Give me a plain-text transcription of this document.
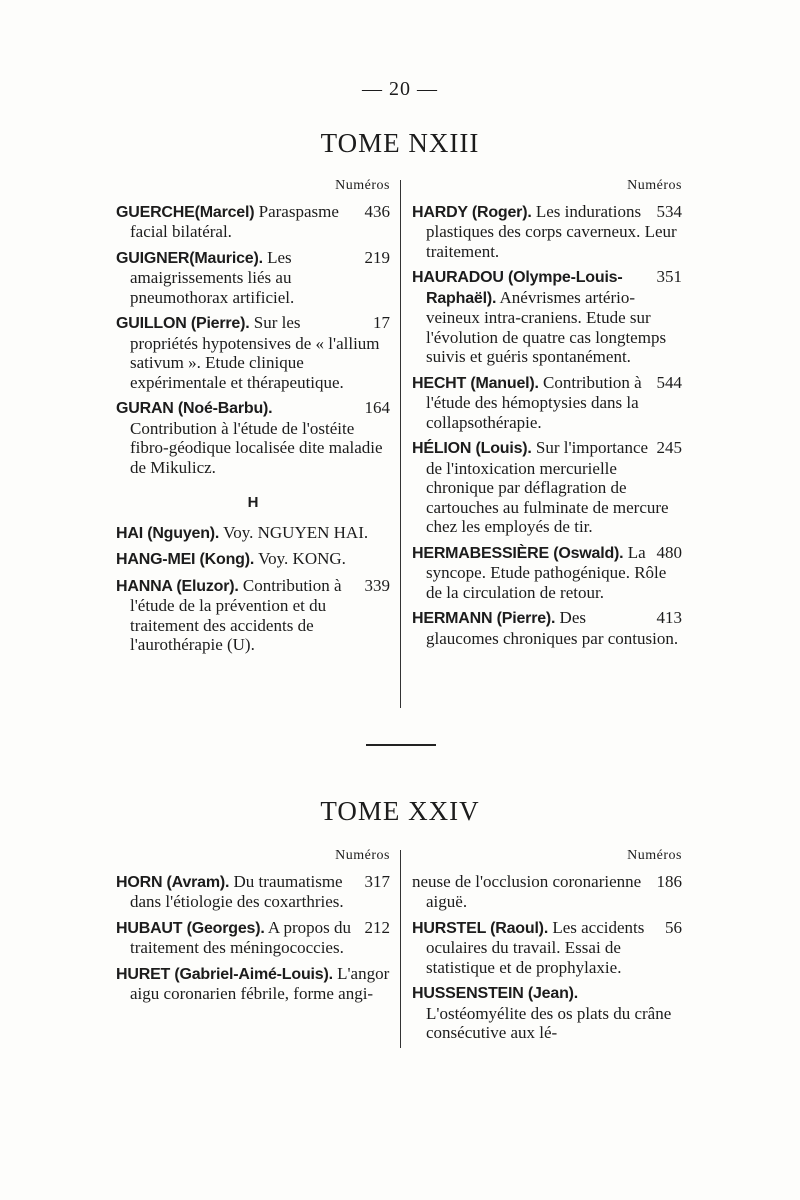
— 20 —
TOME NXIII
Numéros
436
GUERCHE(Marcel) Paraspasme facial bilatéral.
219
GUIGNER(Maurice). Les amaigrissements liés au pneumothorax artificiel.
17
GUILLON (Pierre). Sur les propriétés hypotensives de « l'allium sativum ». Etude clinique expérimentale et thérapeutique.
164
GURAN (Noé-Barbu). Contribution à l'étude de l'ostéite fibro-géodique localisée dite maladie de Mikulicz.
H
HAI (Nguyen). Voy. NGUYEN HAI.
HANG-MEI (Kong). Voy. KONG.
339
HANNA (Eluzor). Contribution à l'étude de la prévention et du traitement des accidents de l'aurothérapie (U).
Numéros
534
HARDY (Roger). Les indurations plastiques des corps caverneux. Leur traitement.
351
HAURADOU (Olympe-Louis-Raphaël). Anévrismes artério-veineux intra-craniens. Etude sur l'évolution de quatre cas longtemps suivis et guéris spontanément.
544
HECHT (Manuel). Contribution à l'étude des hémoptysies dans la collapsothérapie.
245
HÉLION (Louis). Sur l'importance de l'intoxication mercurielle chronique par déflagration de cartouches au fulminate de mercure chez les employés de tir.
480
HERMABESSIÈRE (Oswald). La syncope. Etude pathogénique. Rôle de la circulation de retour.
413
HERMANN (Pierre). Des glaucomes chroniques par contusion.
TOME XXIV
Numéros
317
HORN (Avram). Du traumatisme dans l'étiologie des coxarthries.
212
HUBAUT (Georges). A propos du traitement des méningococcies.
HURET (Gabriel-Aimé-Louis). L'angor aigu coronarien fébrile, forme angi-
Numéros
186
neuse de l'occlusion coronarienne aiguë.
56
HURSTEL (Raoul). Les accidents oculaires du travail. Essai de statistique et de prophylaxie.
HUSSENSTEIN (Jean). L'ostéomyélite des os plats du crâne consécutive aux lé-
